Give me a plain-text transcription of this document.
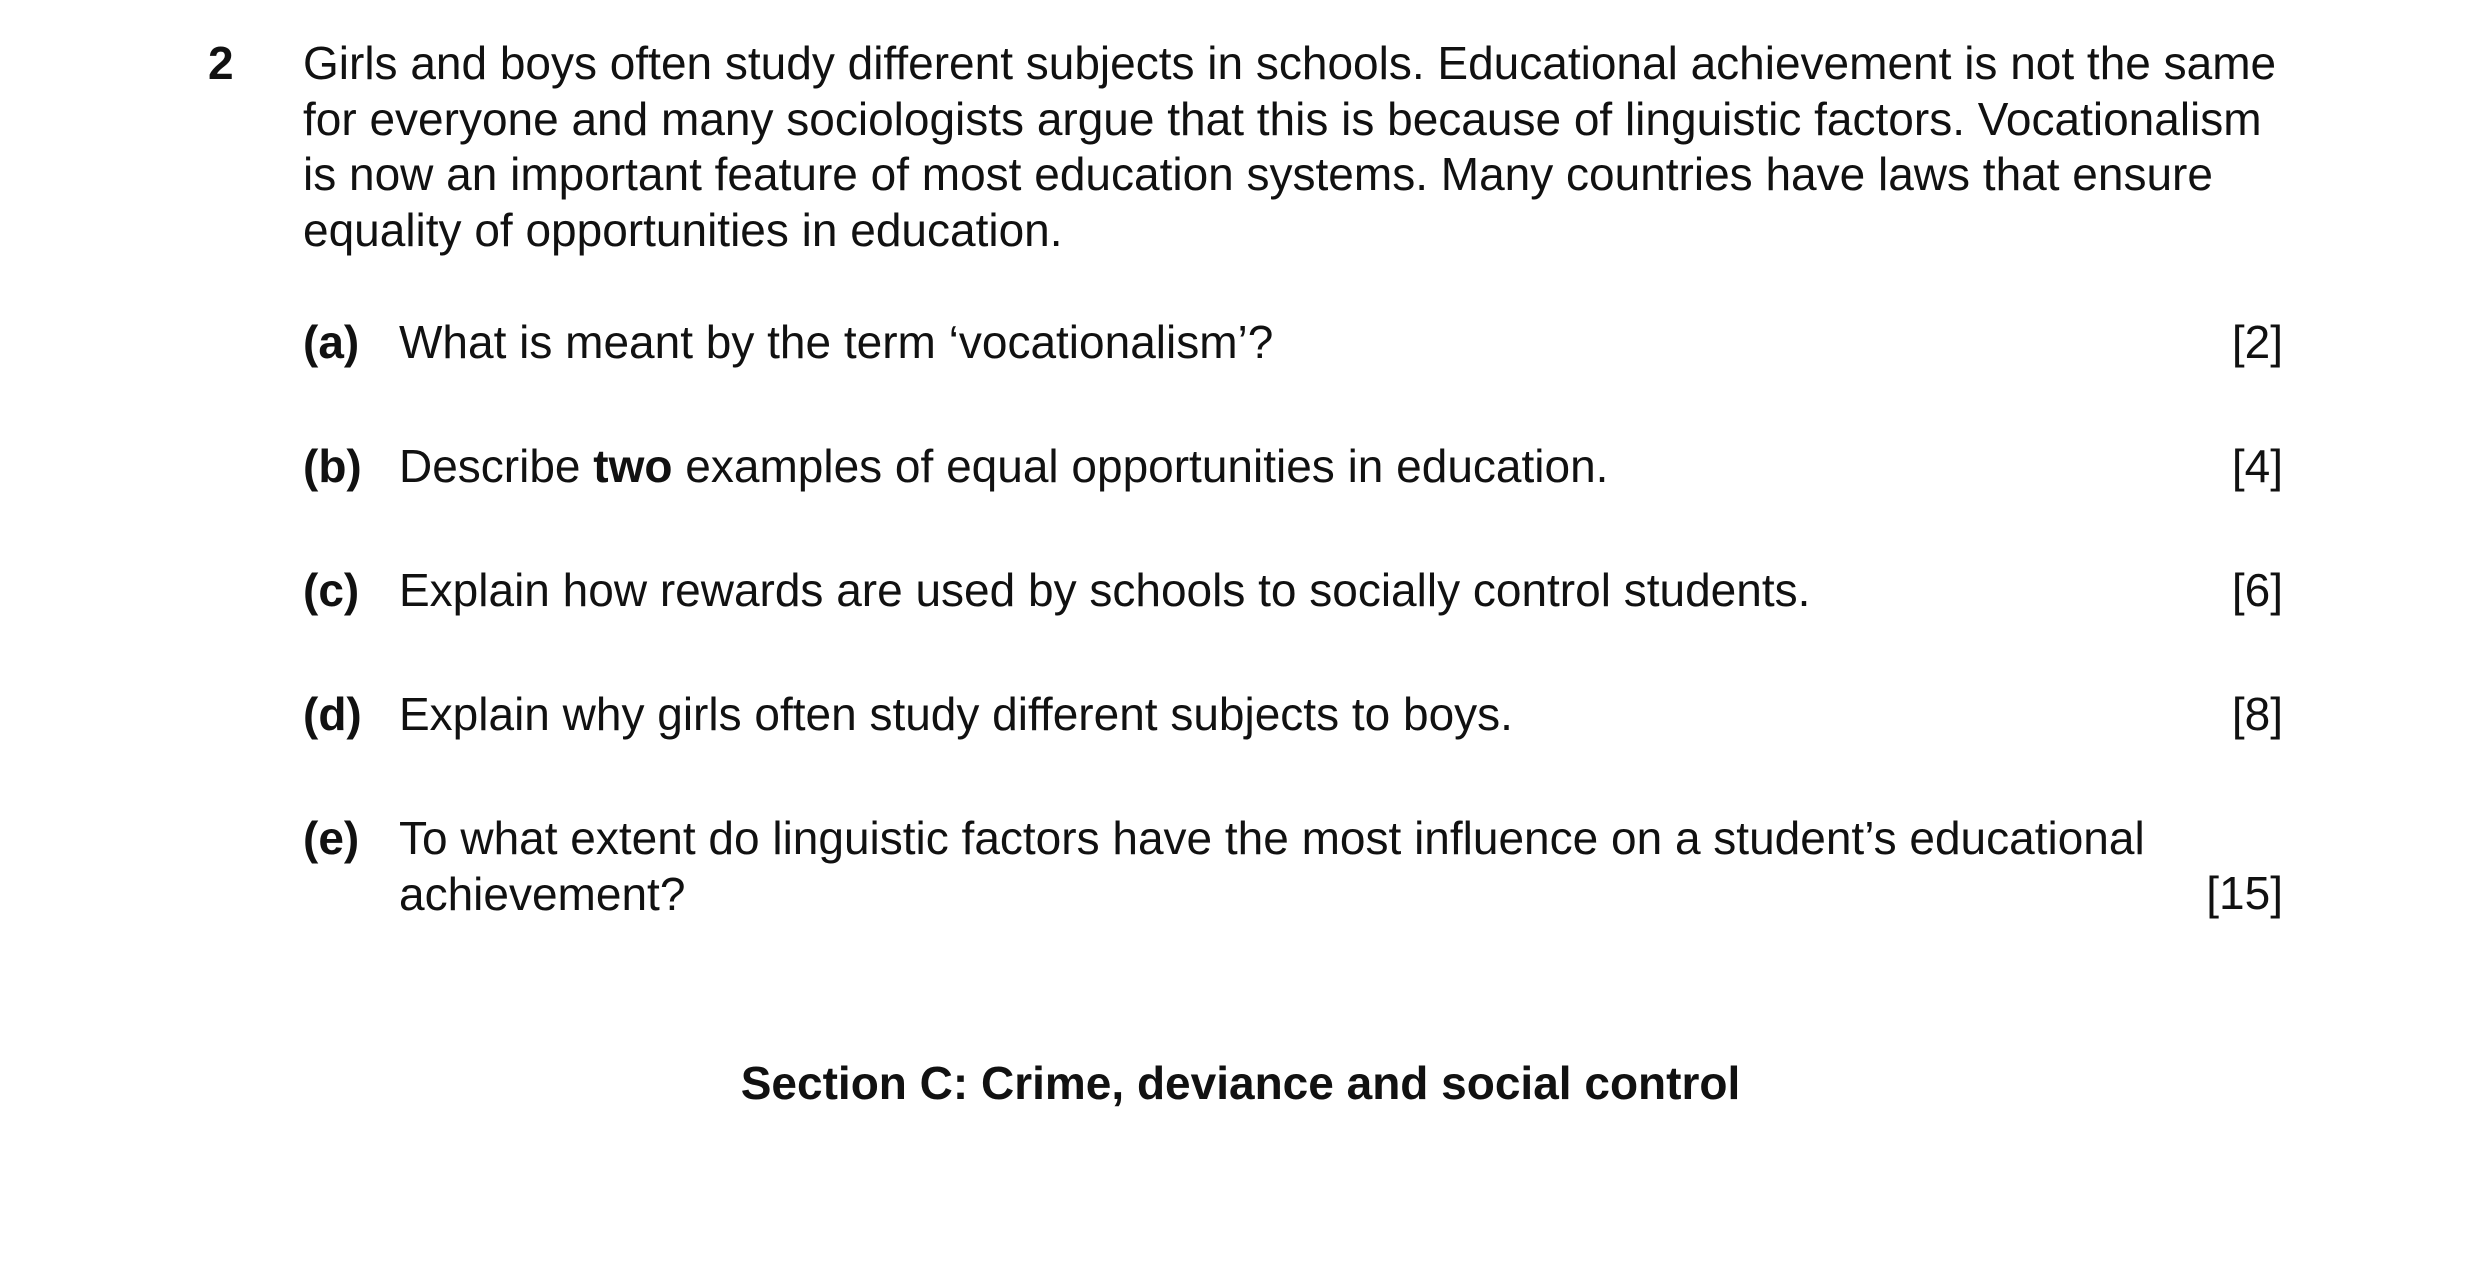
2 Girls and boys often study different subjects in schools. Educational achievement is not the same
for everyone and many sociologists argue that this is because of linguistic factors. Vocationalism
is now an important feature of most education systems. Many countries have laws that ensure
equality of opportunities in education.
(a) What is meant by the term ‘vocationalism’?	[2]
(b) Describe two examples of equal opportunities in education.	[4]
(c) Explain how rewards are used by schools to socially control students.	[6]
(d) Explain why girls often study different subjects to boys.	[8]
(e) To what extent do linguistic factors have the most influence on a student’s educational
achievement?	[15]
Section C: Crime, deviance and social control
